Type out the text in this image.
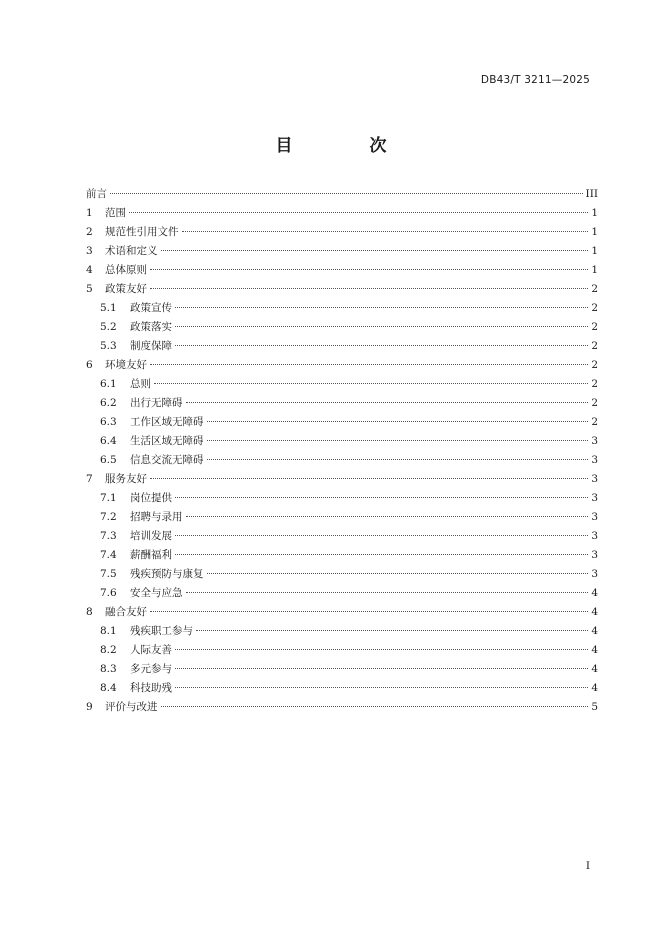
DB43/T 3211—2025
目　次
前言	III
1	范围	1
2	规范性引用文件	1
3	术语和定义	1
4	总体原则	1
5	政策友好	2
5.1	政策宣传	2
5.2	政策落实	2
5.3	制度保障	2
6	环境友好	2
6.1	总则	2
6.2	出行无障碍	2
6.3	工作区域无障碍	2
6.4	生活区域无障碍	3
6.5	信息交流无障碍	3
7	服务友好	3
7.1	岗位提供	3
7.2	招聘与录用	3
7.3	培训发展	3
7.4	薪酬福利	3
7.5	残疾预防与康复	3
7.6	安全与应急	4
8	融合友好	4
8.1	残疾职工参与	4
8.2	人际友善	4
8.3	多元参与	4
8.4	科技助残	4
9	评价与改进	5
I
